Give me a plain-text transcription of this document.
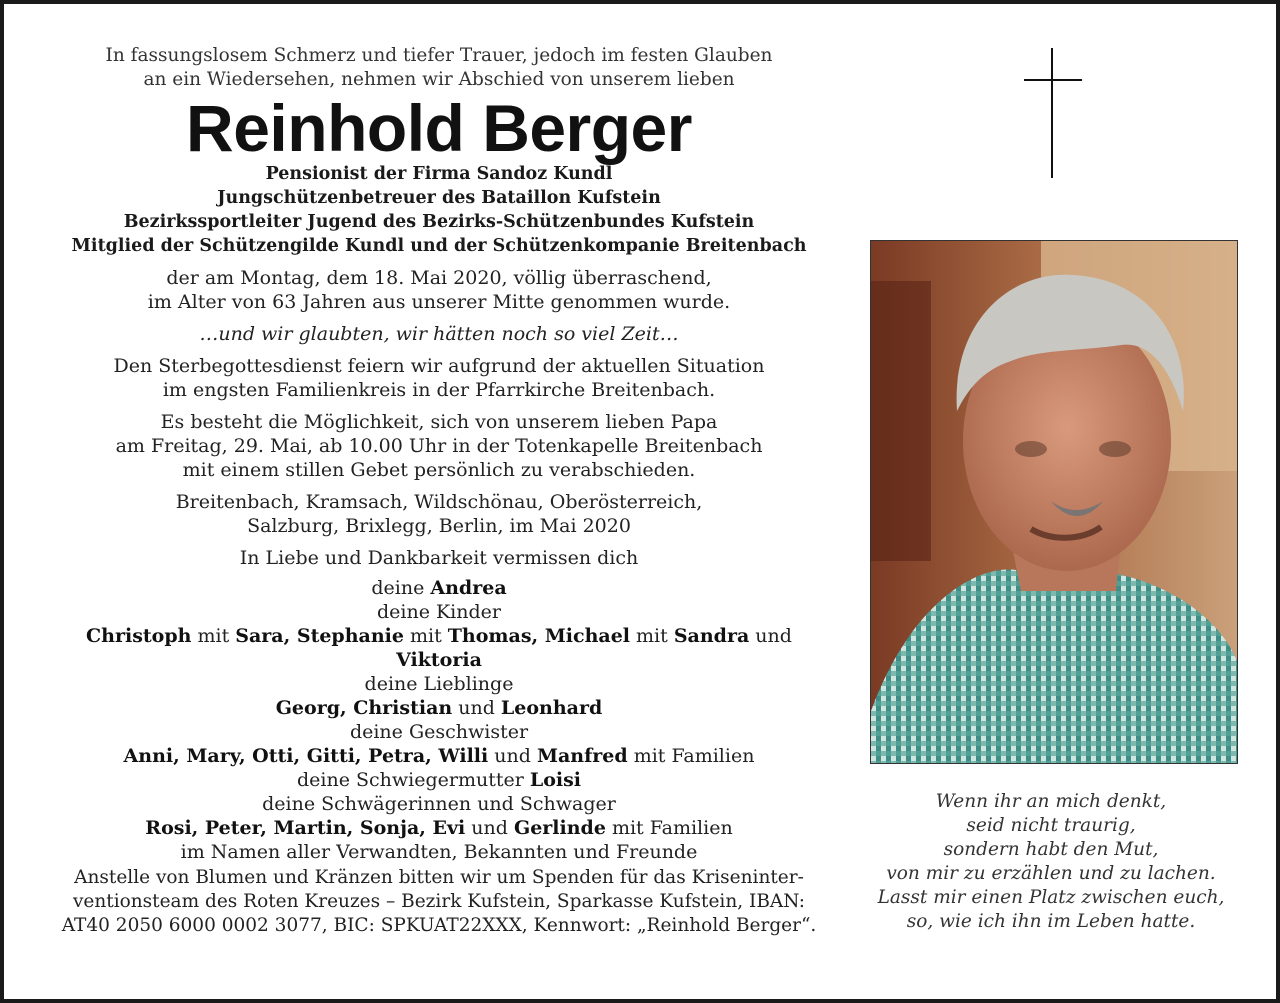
In fassungslosem Schmerz und tiefer Trauer, jedoch im festen Glauben

an ein Wiedersehen, nehmen wir Abschied von unserem lieben

Reinhold Berger

Pensionist der Firma Sandoz Kundl

Jungschützenbetreuer des Bataillon Kufstein

Bezirkssportleiter Jugend des Bezirks-Schützenbundes Kufstein

Mitglied der Schützengilde Kundl und der Schützenkompanie Breitenbach

der am Montag, dem 18. Mai 2020, völlig überraschend,

im Alter von 63 Jahren aus unserer Mitte genommen wurde.

…und wir glaubten, wir hätten noch so viel Zeit…

Den Sterbegottesdienst feiern wir aufgrund der aktuellen Situation

im engsten Familienkreis in der Pfarrkirche Breitenbach.

Es besteht die Möglichkeit, sich von unserem lieben Papa

am Freitag, 29. Mai, ab 10.00 Uhr in der Totenkapelle Breitenbach

mit einem stillen Gebet persönlich zu verabschieden.

Breitenbach, Kramsach, Wildschönau, Oberösterreich,

Salzburg, Brixlegg, Berlin, im Mai 2020

In Liebe und Dankbarkeit vermissen dich

deine Andrea

deine Kinder

Christoph mit Sara, Stephanie mit Thomas, Michael mit Sandra und Viktoria

deine Lieblinge

Georg, Christian und Leonhard

deine Geschwister

Anni, Mary, Otti, Gitti, Petra, Willi und Manfred mit Familien

deine Schwiegermutter Loisi

deine Schwägerinnen und Schwager

Rosi, Peter, Martin, Sonja, Evi und Gerlinde mit Familien

im Namen aller Verwandten, Bekannten und Freunde

Anstelle von Blumen und Kränzen bitten wir um Spenden für das Kriseninter-

ventionsteam des Roten Kreuzes – Bezirk Kufstein, Sparkasse Kufstein, IBAN:

AT40 2050 6000 0002 3077, BIC: SPKUAT22XXX, Kennwort: „Reinhold Berger“.

Wenn ihr an mich denkt,

seid nicht traurig,

sondern habt den Mut,

von mir zu erzählen und zu lachen.

Lasst mir einen Platz zwischen euch,

so, wie ich ihn im Leben hatte.
